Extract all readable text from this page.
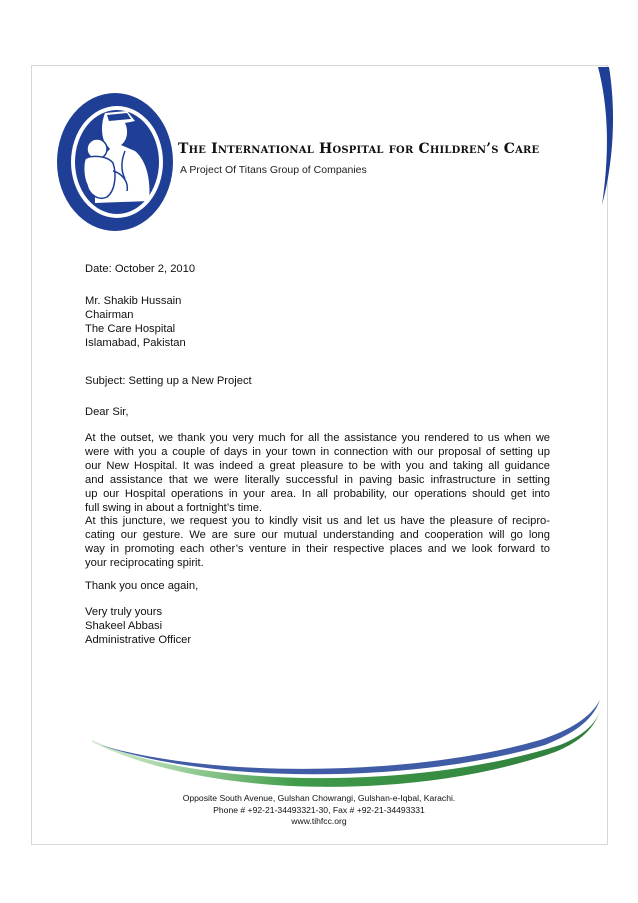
The International Hospital for Children’s Care
A Project Of Titans Group of Companies
Date: October 2, 2010
Mr. Shakib Hussain
Chairman
The Care Hospital
Islamabad, Pakistan
Subject: Setting up a New Project
Dear Sir,
At the outset, we thank you very much for all the assistance you rendered to us when we
were with you a couple of days in your town in connection with our proposal of setting up
our New Hospital. It was indeed a great pleasure to be with you and taking all guidance
and assistance that we were literally successful in paving basic infrastructure in setting
up our Hospital operations in your area. In all probability, our operations should get into
full swing in about a fortnight’s time.
At this juncture, we request you to kindly visit us and let us have the pleasure of recipro-
cating our gesture. We are sure our mutual understanding and cooperation will go long
way in promoting each other’s venture in their respective places and we look forward to
your reciprocating spirit.
Thank you once again,
Very truly yours
Shakeel Abbasi
Administrative Officer
Opposite South Avenue, Gulshan Chowrangi, Gulshan-e-Iqbal, Karachi.
Phone # +92-21-34493321-30, Fax # +92-21-34493331
www.tihfcc.org
